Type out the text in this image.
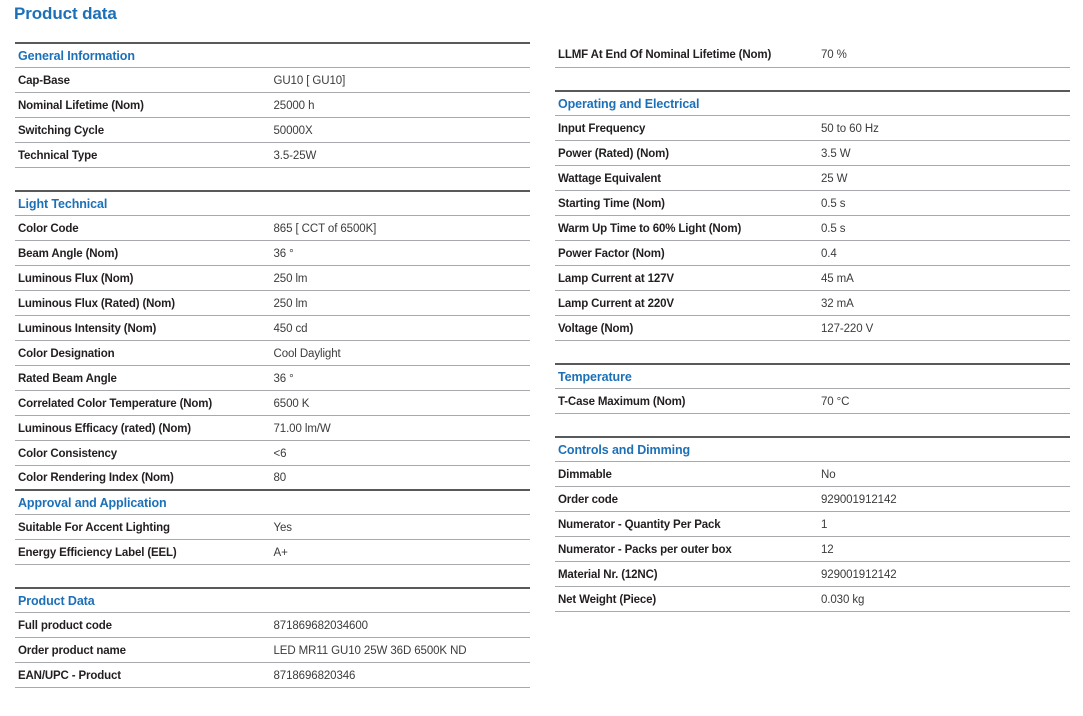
Product data
General Information	
Cap-Base	GU10 [ GU10]
Nominal Lifetime (Nom)	25000 h
Switching Cycle	50000X
Technical Type	3.5-25W

Light Technical	
Color Code	865 [ CCT of 6500K]
Beam Angle (Nom)	36 °
Luminous Flux (Nom)	250 lm
Luminous Flux (Rated) (Nom)	250 lm
Luminous Intensity (Nom)	450 cd
Color Designation	Cool Daylight
Rated Beam Angle	36 °
Correlated Color Temperature (Nom)	6500 K
Luminous Efficacy (rated) (Nom)	71.00 lm/W
Color Consistency	<6
Color Rendering Index (Nom)	80
Approval and Application	
Suitable For Accent Lighting	Yes
Energy Efficiency Label (EEL)	A+

Product Data	
Full product code	871869682034600
Order product name	LED MR11 GU10 25W 36D 6500K ND
EAN/UPC - Product	8718696820346
LLMF At End Of Nominal Lifetime (Nom)	70 %

Operating and Electrical	
Input Frequency	50 to 60 Hz
Power (Rated) (Nom)	3.5 W
Wattage Equivalent	25 W
Starting Time (Nom)	0.5 s
Warm Up Time to 60% Light (Nom)	0.5 s
Power Factor (Nom)	0.4
Lamp Current at 127V	45 mA
Lamp Current at 220V	32 mA
Voltage (Nom)	127-220 V

Temperature	
T-Case Maximum (Nom)	70 °C

Controls and Dimming	
Dimmable	No
Order code	929001912142
Numerator - Quantity Per Pack	1
Numerator - Packs per outer box	12
Material Nr. (12NC)	929001912142
Net Weight (Piece)	0.030 kg
